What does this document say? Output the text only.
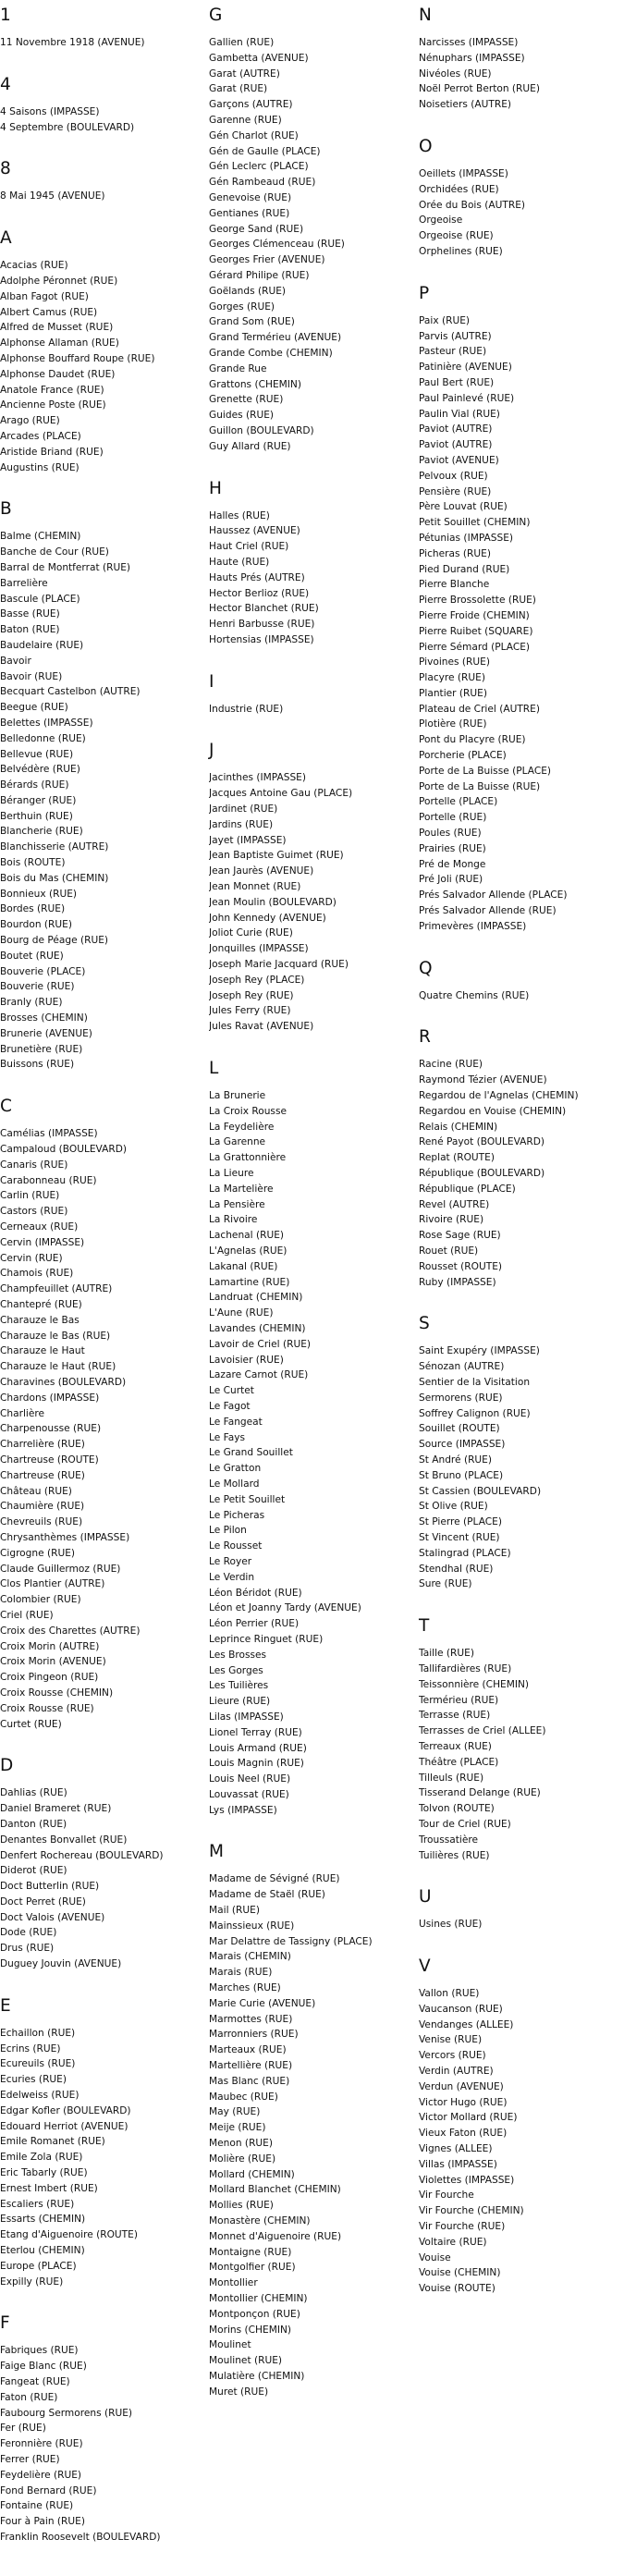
1
11 Novembre 1918 (AVENUE)
4
4 Saisons (IMPASSE)
4 Septembre (BOULEVARD)
8
8 Mai 1945 (AVENUE)
A
Acacias (RUE)
Adolphe Péronnet (RUE)
Alban Fagot (RUE)
Albert Camus (RUE)
Alfred de Musset (RUE)
Alphonse Allaman (RUE)
Alphonse Bouffard Roupe (RUE)
Alphonse Daudet (RUE)
Anatole France (RUE)
Ancienne Poste (RUE)
Arago (RUE)
Arcades (PLACE)
Aristide Briand (RUE)
Augustins (RUE)
B
Balme (CHEMIN)
Banche de Cour (RUE)
Barral de Montferrat (RUE)
Barrelière
Bascule (PLACE)
Basse (RUE)
Baton (RUE)
Baudelaire (RUE)
Bavoir
Bavoir (RUE)
Becquart Castelbon (AUTRE)
Beegue (RUE)
Belettes (IMPASSE)
Belledonne (RUE)
Bellevue (RUE)
Belvédère (RUE)
Bérards (RUE)
Béranger (RUE)
Berthuin (RUE)
Blancherie (RUE)
Blanchisserie (AUTRE)
Bois (ROUTE)
Bois du Mas (CHEMIN)
Bonnieux (RUE)
Bordes (RUE)
Bourdon (RUE)
Bourg de Péage (RUE)
Boutet (RUE)
Bouverie (PLACE)
Bouverie (RUE)
Branly (RUE)
Brosses (CHEMIN)
Brunerie (AVENUE)
Brunetière (RUE)
Buissons (RUE)
C
Camélias (IMPASSE)
Campaloud (BOULEVARD)
Canaris (RUE)
Carabonneau (RUE)
Carlin (RUE)
Castors (RUE)
Cerneaux (RUE)
Cervin (IMPASSE)
Cervin (RUE)
Chamois (RUE)
Champfeuillet (AUTRE)
Chantepré (RUE)
Charauze le Bas
Charauze le Bas (RUE)
Charauze le Haut
Charauze le Haut (RUE)
Charavines (BOULEVARD)
Chardons (IMPASSE)
Charlière
Charpenousse (RUE)
Charrelière (RUE)
Chartreuse (ROUTE)
Chartreuse (RUE)
Château (RUE)
Chaumière (RUE)
Chevreuils (RUE)
Chrysanthèmes (IMPASSE)
Cigrogne (RUE)
Claude Guillermoz (RUE)
Clos Plantier (AUTRE)
Colombier (RUE)
Criel (RUE)
Croix des Charettes (AUTRE)
Croix Morin (AUTRE)
Croix Morin (AVENUE)
Croix Pingeon (RUE)
Croix Rousse (CHEMIN)
Croix Rousse (RUE)
Curtet (RUE)
D
Dahlias (RUE)
Daniel Brameret (RUE)
Danton (RUE)
Denantes Bonvallet (RUE)
Denfert Rochereau (BOULEVARD)
Diderot (RUE)
Doct Butterlin (RUE)
Doct Perret (RUE)
Doct Valois (AVENUE)
Dode (RUE)
Drus (RUE)
Duguey Jouvin (AVENUE)
E
Echaillon (RUE)
Ecrins (RUE)
Ecureuils (RUE)
Ecuries (RUE)
Edelweiss (RUE)
Edgar Kofler (BOULEVARD)
Edouard Herriot (AVENUE)
Emile Romanet (RUE)
Emile Zola (RUE)
Eric Tabarly (RUE)
Ernest Imbert (RUE)
Escaliers (RUE)
Essarts (CHEMIN)
Etang d'Aiguenoire (ROUTE)
Eterlou (CHEMIN)
Europe (PLACE)
Expilly (RUE)
F
Fabriques (RUE)
Faige Blanc (RUE)
Fangeat (RUE)
Faton (RUE)
Faubourg Sermorens (RUE)
Fer (RUE)
Feronnière (RUE)
Ferrer (RUE)
Feydelière (RUE)
Fond Bernard (RUE)
Fontaine (RUE)
Four à Pain (RUE)
Franklin Roosevelt (BOULEVARD)
G
Gallien (RUE)
Gambetta (AVENUE)
Garat (AUTRE)
Garat (RUE)
Garçons (AUTRE)
Garenne (RUE)
Gén Charlot (RUE)
Gén de Gaulle (PLACE)
Gén Leclerc (PLACE)
Gén Rambeaud (RUE)
Genevoise (RUE)
Gentianes (RUE)
George Sand (RUE)
Georges Clémenceau (RUE)
Georges Frier (AVENUE)
Gérard Philipe (RUE)
Goëlands (RUE)
Gorges (RUE)
Grand Som (RUE)
Grand Termérieu (AVENUE)
Grande Combe (CHEMIN)
Grande Rue
Grattons (CHEMIN)
Grenette (RUE)
Guides (RUE)
Guillon (BOULEVARD)
Guy Allard (RUE)
H
Halles (RUE)
Haussez (AVENUE)
Haut Criel (RUE)
Haute (RUE)
Hauts Prés (AUTRE)
Hector Berlioz (RUE)
Hector Blanchet (RUE)
Henri Barbusse (RUE)
Hortensias (IMPASSE)
I
Industrie (RUE)
J
Jacinthes (IMPASSE)
Jacques Antoine Gau (PLACE)
Jardinet (RUE)
Jardins (RUE)
Jayet (IMPASSE)
Jean Baptiste Guimet (RUE)
Jean Jaurès (AVENUE)
Jean Monnet (RUE)
Jean Moulin (BOULEVARD)
John Kennedy (AVENUE)
Joliot Curie (RUE)
Jonquilles (IMPASSE)
Joseph Marie Jacquard (RUE)
Joseph Rey (PLACE)
Joseph Rey (RUE)
Jules Ferry (RUE)
Jules Ravat (AVENUE)
L
La Brunerie
La Croix Rousse
La Feydelière
La Garenne
La Grattonnière
La Lieure
La Martelière
La Pensière
La Rivoire
Lachenal (RUE)
L'Agnelas (RUE)
Lakanal (RUE)
Lamartine (RUE)
Landruat (CHEMIN)
L'Aune (RUE)
Lavandes (CHEMIN)
Lavoir de Criel (RUE)
Lavoisier (RUE)
Lazare Carnot (RUE)
Le Curtet
Le Fagot
Le Fangeat
Le Fays
Le Grand Souillet
Le Gratton
Le Mollard
Le Petit Souillet
Le Picheras
Le Pilon
Le Rousset
Le Royer
Le Verdin
Léon Béridot (RUE)
Léon et Joanny Tardy (AVENUE)
Léon Perrier (RUE)
Leprince Ringuet (RUE)
Les Brosses
Les Gorges
Les Tuilières
Lieure (RUE)
Lilas (IMPASSE)
Lionel Terray (RUE)
Louis Armand (RUE)
Louis Magnin (RUE)
Louis Neel (RUE)
Louvassat (RUE)
Lys (IMPASSE)
M
Madame de Sévigné (RUE)
Madame de Staël (RUE)
Mail (RUE)
Mainssieux (RUE)
Mar Delattre de Tassigny (PLACE)
Marais (CHEMIN)
Marais (RUE)
Marches (RUE)
Marie Curie (AVENUE)
Marmottes (RUE)
Marronniers (RUE)
Marteaux (RUE)
Martellière (RUE)
Mas Blanc (RUE)
Maubec (RUE)
May (RUE)
Meije (RUE)
Menon (RUE)
Molière (RUE)
Mollard (CHEMIN)
Mollard Blanchet (CHEMIN)
Mollies (RUE)
Monastère (CHEMIN)
Monnet d'Aiguenoire (RUE)
Montaigne (RUE)
Montgolfier (RUE)
Montollier
Montollier (CHEMIN)
Montponçon (RUE)
Morins (CHEMIN)
Moulinet
Moulinet (RUE)
Mulatière (CHEMIN)
Muret (RUE)
N
Narcisses (IMPASSE)
Nénuphars (IMPASSE)
Nivéoles (RUE)
Noël Perrot Berton (RUE)
Noisetiers (AUTRE)
O
Oeillets (IMPASSE)
Orchidées (RUE)
Orée du Bois (AUTRE)
Orgeoise
Orgeoise (RUE)
Orphelines (RUE)
P
Paix (RUE)
Parvis (AUTRE)
Pasteur (RUE)
Patinière (AVENUE)
Paul Bert (RUE)
Paul Painlevé (RUE)
Paulin Vial (RUE)
Paviot (AUTRE)
Paviot (AUTRE)
Paviot (AVENUE)
Pelvoux (RUE)
Pensière (RUE)
Père Louvat (RUE)
Petit Souillet (CHEMIN)
Pétunias (IMPASSE)
Picheras (RUE)
Pied Durand (RUE)
Pierre Blanche
Pierre Brossolette (RUE)
Pierre Froide (CHEMIN)
Pierre Ruibet (SQUARE)
Pierre Sémard (PLACE)
Pivoines (RUE)
Placyre (RUE)
Plantier (RUE)
Plateau de Criel (AUTRE)
Plotière (RUE)
Pont du Placyre (RUE)
Porcherie (PLACE)
Porte de La Buisse (PLACE)
Porte de La Buisse (RUE)
Portelle (PLACE)
Portelle (RUE)
Poules (RUE)
Prairies (RUE)
Pré de Monge
Pré Joli (RUE)
Prés Salvador Allende (PLACE)
Prés Salvador Allende (RUE)
Primevères (IMPASSE)
Q
Quatre Chemins (RUE)
R
Racine (RUE)
Raymond Tézier (AVENUE)
Regardou de l'Agnelas (CHEMIN)
Regardou en Vouise (CHEMIN)
Relais (CHEMIN)
René Payot (BOULEVARD)
Replat (ROUTE)
République (BOULEVARD)
République (PLACE)
Revel (AUTRE)
Rivoire (RUE)
Rose Sage (RUE)
Rouet (RUE)
Rousset (ROUTE)
Ruby (IMPASSE)
S
Saint Exupéry (IMPASSE)
Sénozan (AUTRE)
Sentier de la Visitation
Sermorens (RUE)
Soffrey Calignon (RUE)
Souillet (ROUTE)
Source (IMPASSE)
St André (RUE)
St Bruno (PLACE)
St Cassien (BOULEVARD)
St Olive (RUE)
St Pierre (PLACE)
St Vincent (RUE)
Stalingrad (PLACE)
Stendhal (RUE)
Sure (RUE)
T
Taille (RUE)
Tallifardières (RUE)
Teissonnière (CHEMIN)
Termérieu (RUE)
Terrasse (RUE)
Terrasses de Criel (ALLEE)
Terreaux (RUE)
Théâtre (PLACE)
Tilleuls (RUE)
Tisserand Delange (RUE)
Tolvon (ROUTE)
Tour de Criel (RUE)
Troussatière
Tuilières (RUE)
U
Usines (RUE)
V
Vallon (RUE)
Vaucanson (RUE)
Vendanges (ALLEE)
Venise (RUE)
Vercors (RUE)
Verdin (AUTRE)
Verdun (AVENUE)
Victor Hugo (RUE)
Victor Mollard (RUE)
Vieux Faton (RUE)
Vignes (ALLEE)
Villas (IMPASSE)
Violettes (IMPASSE)
Vir Fourche
Vir Fourche (CHEMIN)
Vir Fourche (RUE)
Voltaire (RUE)
Vouise
Vouise (CHEMIN)
Vouise (ROUTE)
